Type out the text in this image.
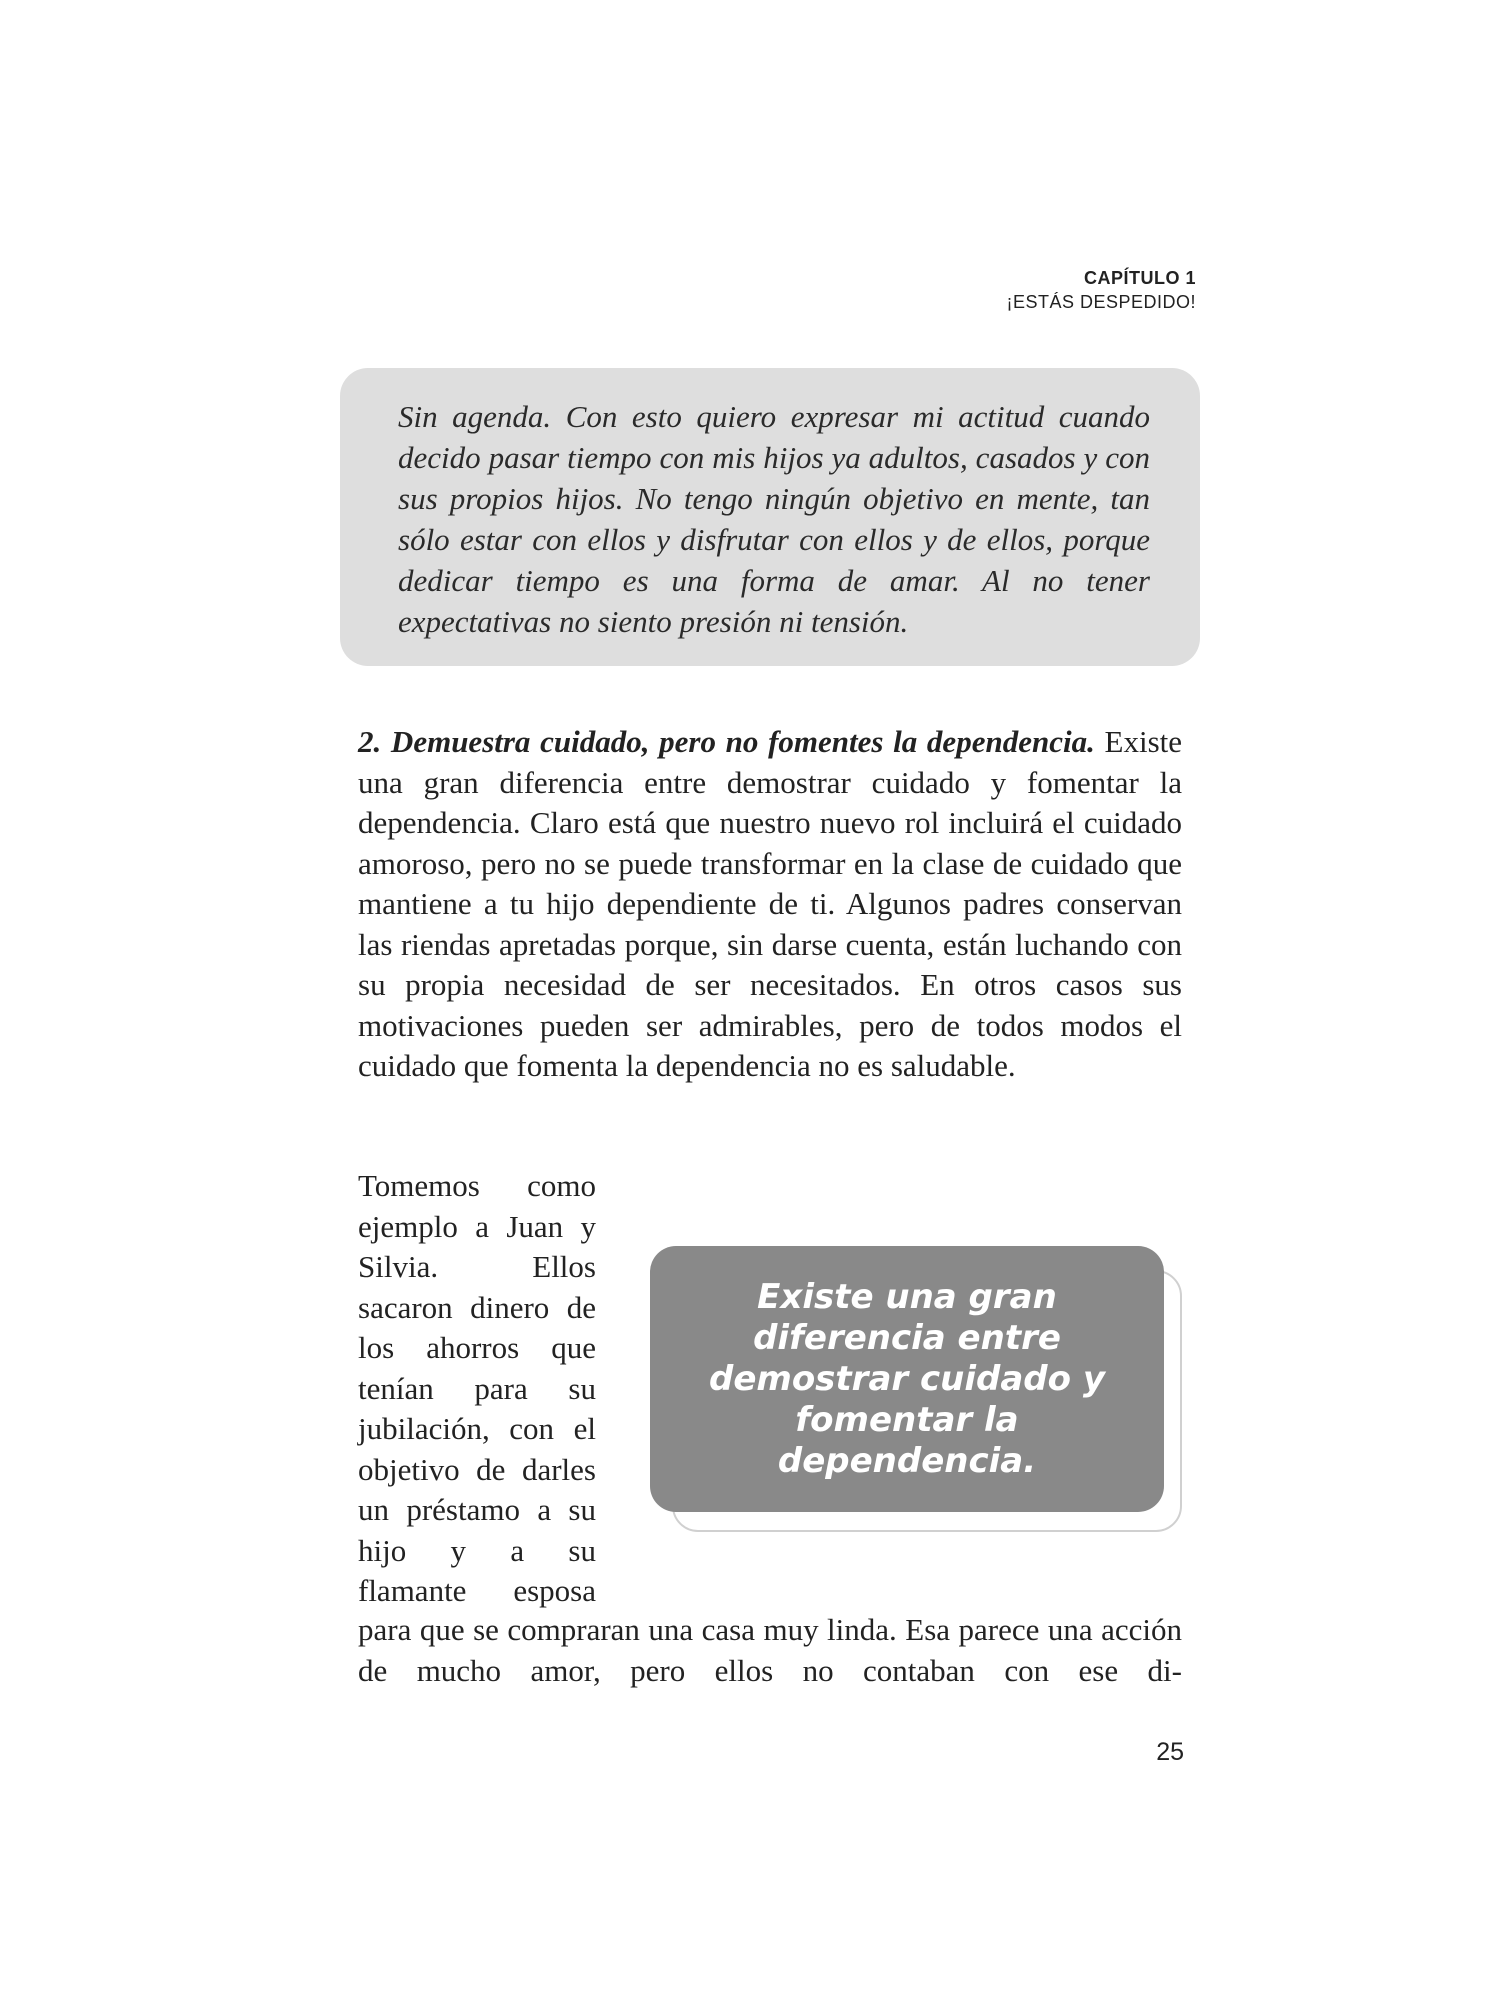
CAPÍTULO 1
¡ESTÁS DESPEDIDO!

Sin agenda. Con esto quiero expresar mi actitud cuando decido pasar tiempo con mis hijos ya adultos, casados y con sus propios hijos. No tengo ningún objetivo en mente, tan sólo estar con ellos y disfrutar con ellos y de ellos, porque dedicar tiempo es una forma de amar. Al no tener expectativas no siento presión ni tensión.

2. Demuestra cuidado, pero no fomentes la dependencia. Existe una gran diferencia entre demostrar cuidado y fomentar la dependencia. Claro está que nuestro nuevo rol incluirá el cuidado amoroso, pero no se puede transformar en la clase de cuidado que mantiene a tu hijo dependiente de ti. Algunos padres conservan las riendas apretadas porque, sin darse cuenta, están luchando con su propia necesidad de ser necesitados. En otros casos sus motivaciones pueden ser admirables, pero de todos modos el cuidado que fomenta la dependencia no es saludable.

Tomemos como ejemplo a Juan y Silvia. Ellos sacaron dinero de los ahorros que tenían para su jubilación, con el objetivo de darles un préstamo a su hijo y a su flamante esposa

Existe una gran diferencia entre demostrar cuidado y fomentar la dependencia.

para que se compraran una casa muy linda. Esa parece una acción de mucho amor, pero ellos no contaban con ese di-

25
